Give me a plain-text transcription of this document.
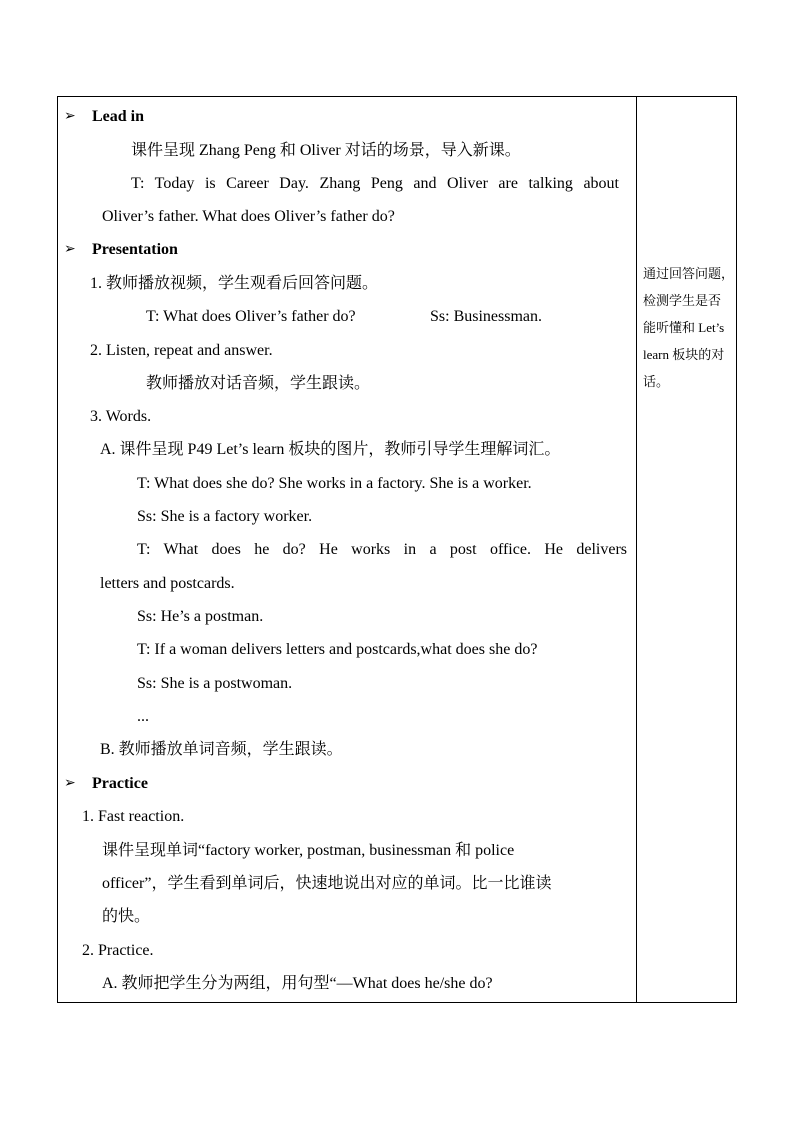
➢ Lead in
课件呈现 Zhang Peng 和 Oliver 对话的场景，导入新课。
T: Today is Career Day. Zhang Peng and Oliver are talking about
Oliver’s father. What does Oliver’s father do?
➢ Presentation
1. 教师播放视频，学生观看后回答问题。
T: What does Oliver’s father do?	Ss: Businessman.
2. Listen, repeat and answer.
教师播放对话音频，学生跟读。
3. Words.
A. 课件呈现 P49 Let’s learn 板块的图片，教师引导学生理解词汇。
T: What does she do? She works in a factory. She is a worker.
Ss: She is a factory worker.
T: What does he do? He works in a post office. He delivers
letters and postcards.
Ss: He’s a postman.
T: If a woman delivers letters and postcards,what does she do?
Ss: She is a postwoman.
...
B. 教师播放单词音频，学生跟读。
➢ Practice
1. Fast reaction.
课件呈现单词“factory worker, postman, businessman 和 police
officer”，学生看到单词后，快速地说出对应的单词。比一比谁读
的快。
2. Practice.
A. 教师把学生分为两组，用句型“—What does he/she do?
通过回答问题，
检测学生是否
能听懂和 Let’s
learn 板块的对
话。
